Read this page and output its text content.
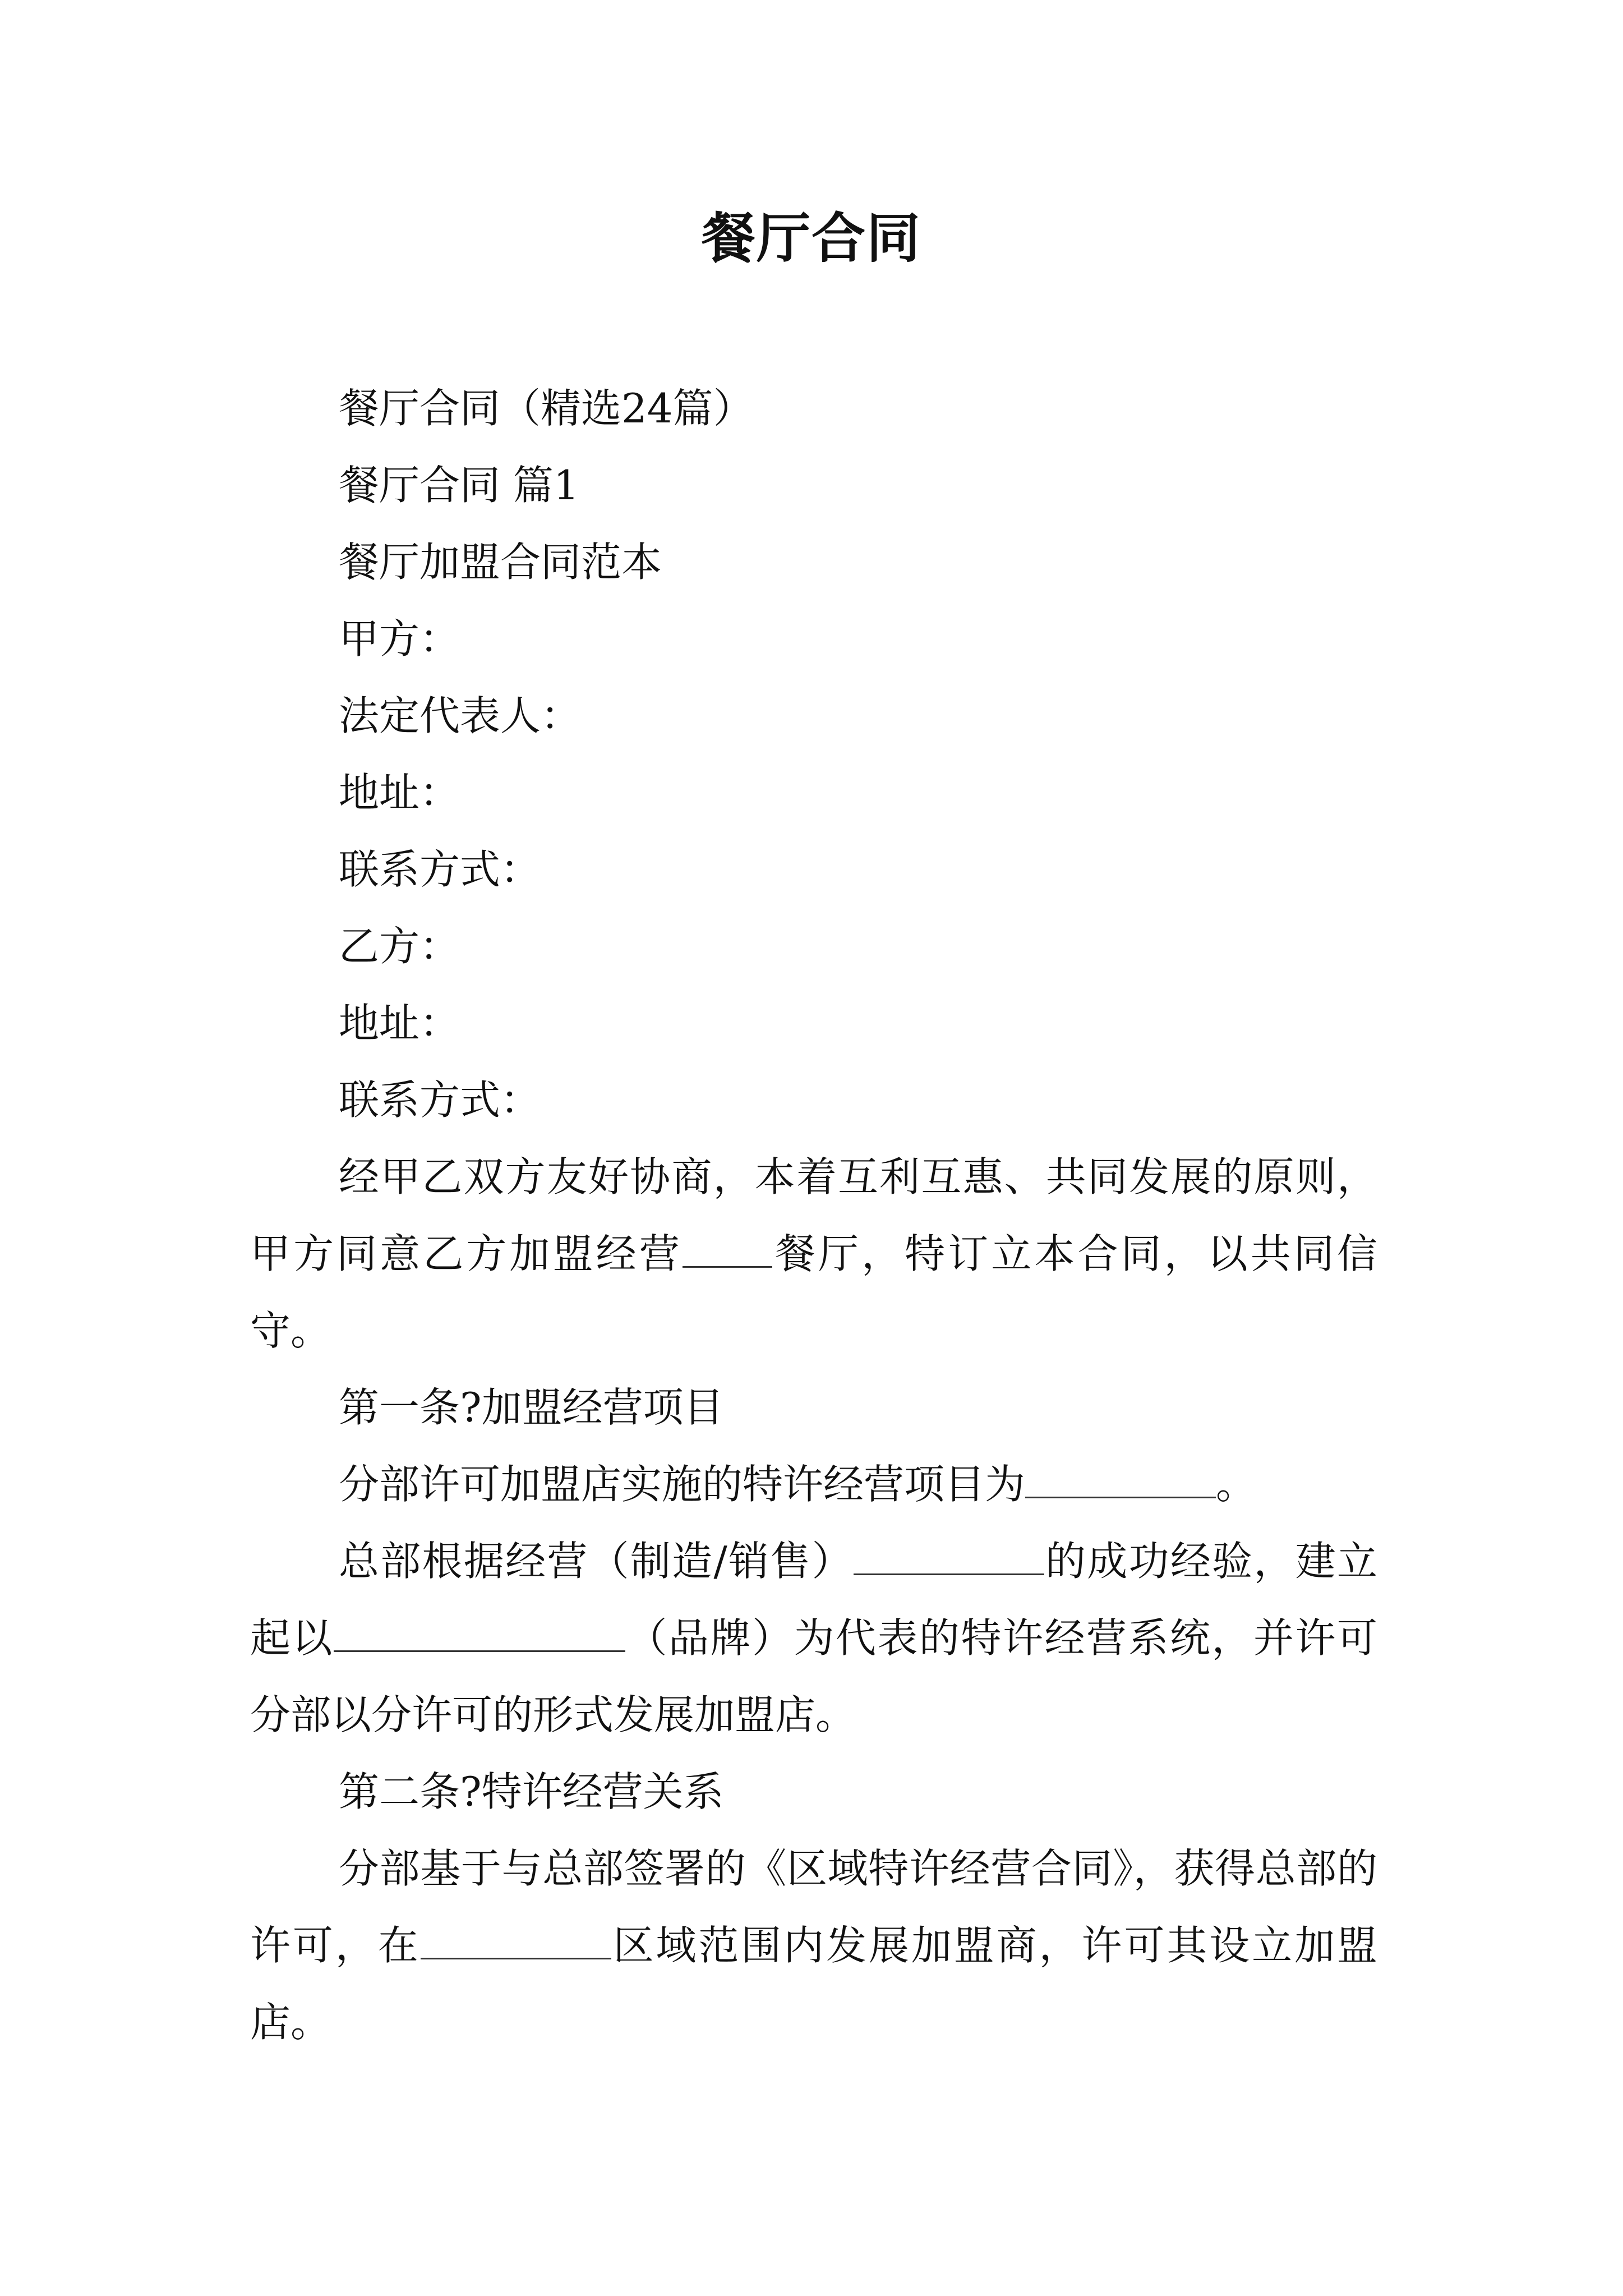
餐厅合同

餐厅合同（精选24篇）

餐厅合同 篇1

餐厅加盟合同范本

甲方：

法定代表人：

地址：

联系方式：

乙方：

地址：

联系方式：

经甲乙双方友好协商，本着互利互惠、共同发展的原则，甲方同意乙方加盟经营 餐厅，特订立本合同，以共同信守。

第一条?加盟经营项目

分部许可加盟店实施的特许经营项目为	。

总部根据经营（制造/销售）	的成功经验，建立起以	（品牌）为代表的特许经营系统，并许可分部以分许可的形式发展加盟店。

第二条?特许经营关系

分部基于与总部签署的《区域特许经营合同》，获得总部的许可，在	区域范围内发展加盟商，许可其设立加盟店。
